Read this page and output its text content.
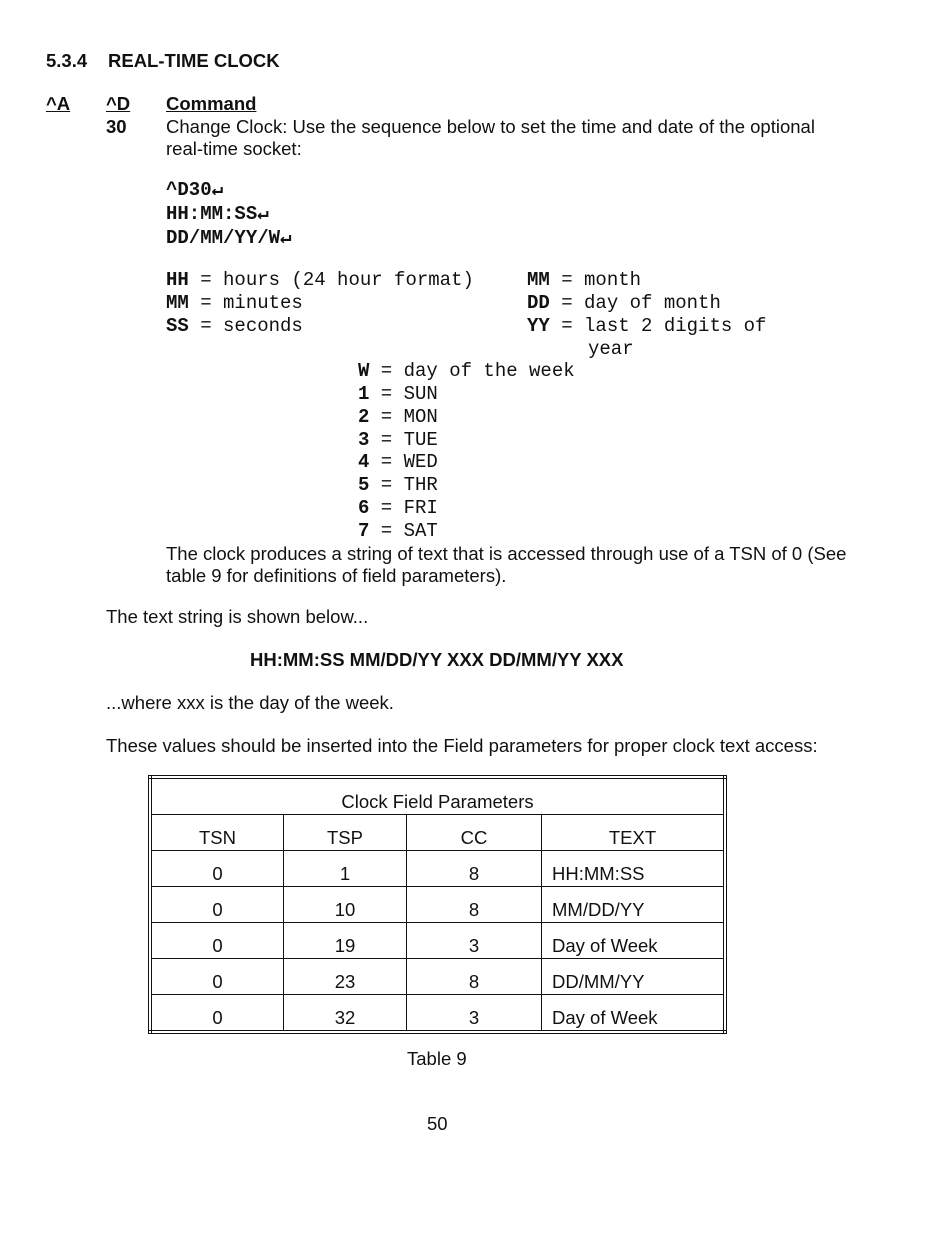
5.3.4 REAL-TIME CLOCK
^A ^D Command
30 Change Clock: Use the sequence below to set the time and date of the optional
real-time socket:
^D30↵
HH:MM:SS↵
DD/MM/YY/W↵
HH = hours (24 hour format)
MM = minutes
SS = seconds
MM = month
DD = day of month
YY = last 2 digits of
year
W = day of the week
1 = SUN
2 = MON
3 = TUE
4 = WED
5 = THR
6 = FRI
7 = SAT
The clock produces a string of text that is accessed through use of a TSN of 0 (See
table 9 for definitions of field parameters).
The text string is shown below...
HH:MM:SS MM/DD/YY XXX DD/MM/YY XXX
...where xxx is the day of the week.
These values should be inserted into the Field parameters for proper clock text access:
Clock Field Parameters			
TSN	TSP	CC	TEXT
0	1	8	HH:MM:SS
0	10	8	MM/DD/YY
0	19	3	Day of Week
0	23	8	DD/MM/YY
0	32	3	Day of Week
Table 9
50
